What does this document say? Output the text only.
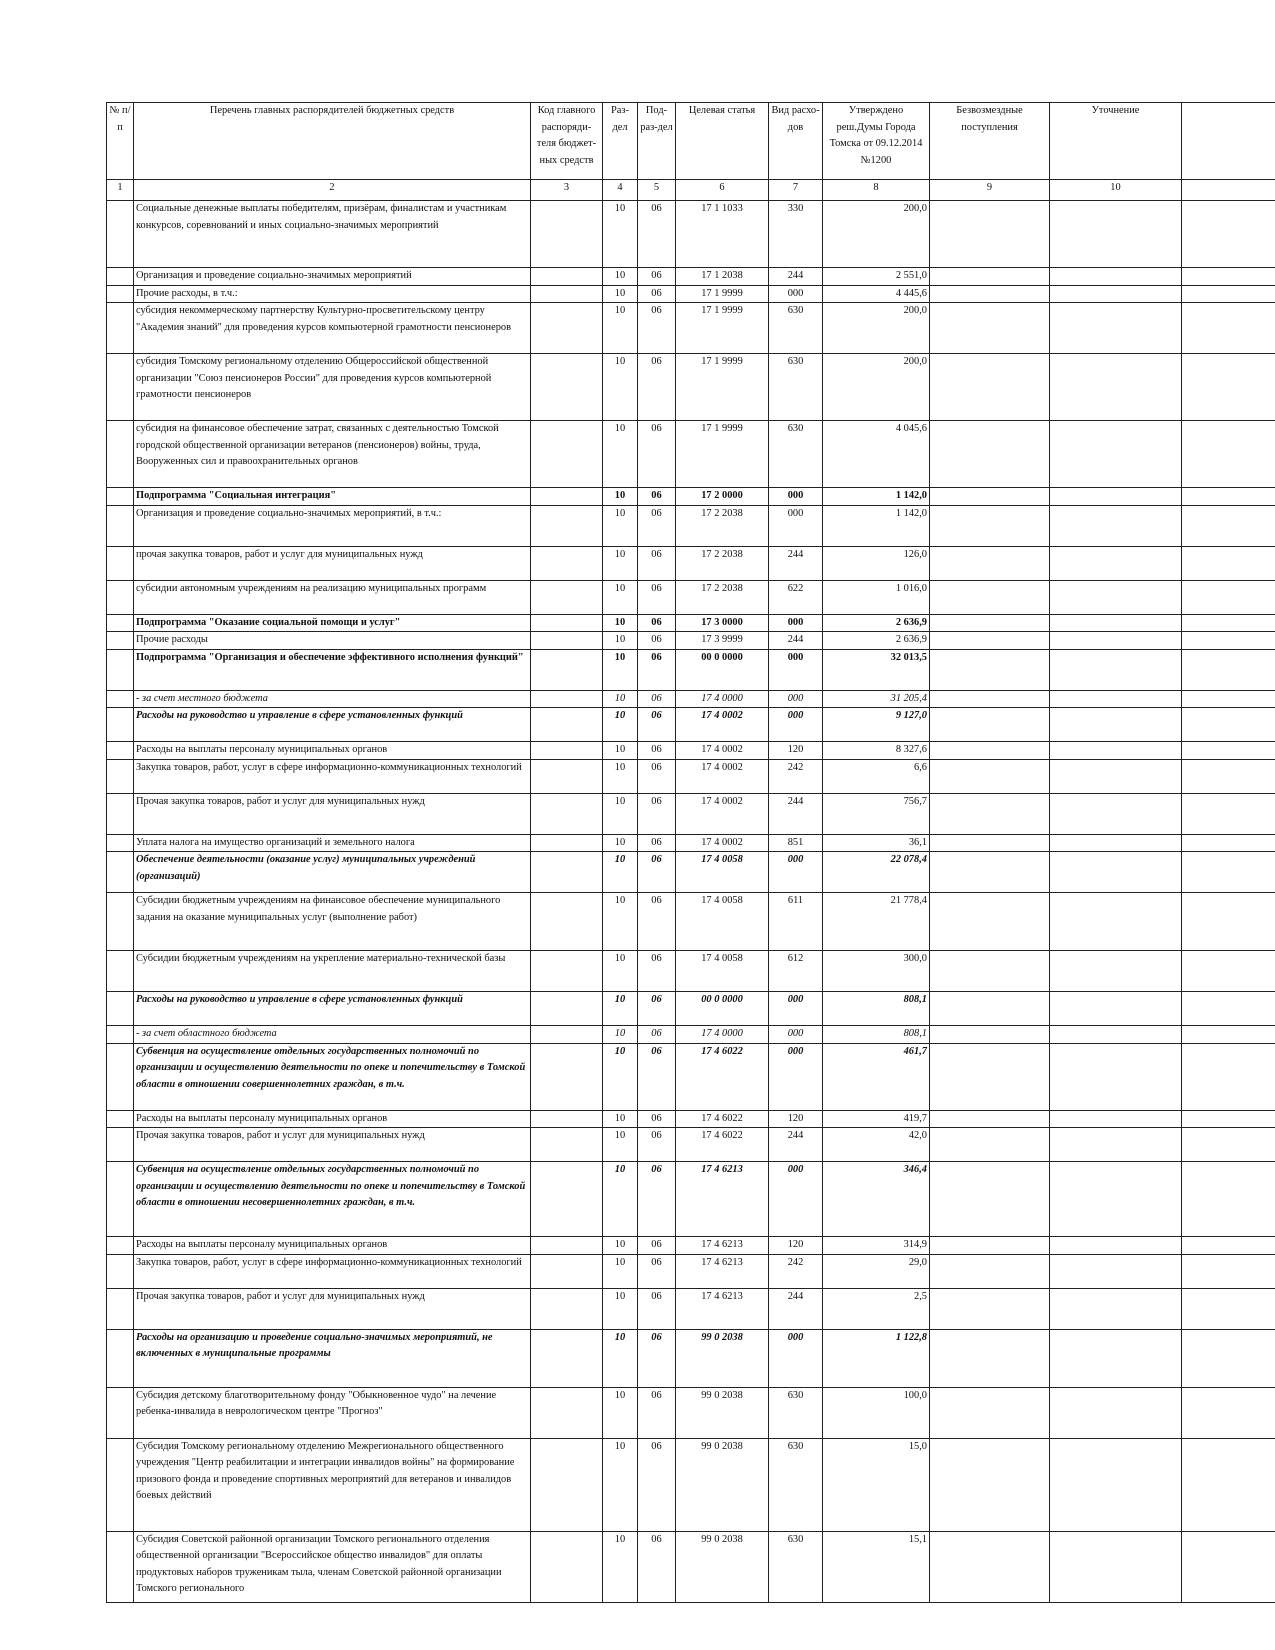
№ п/п	Перечень главных распорядителей бюджетных средств	Код главного распоряди-теля бюджет-ных средств	Раз-дел	Под-раз-дел	Целевая статья	Вид расхо-дов	Утверждено реш.Думы Города Томска от 09.12.2014 №1200	Безвозмездные поступления	Уточнение	
1	2	3	4	5	6	7	8	9	10	
	Социальные денежные выплаты победителям, призёрам, финалистам и участникам конкурсов, соревнований и иных социально-значимых мероприятий		10	06	17 1 1033	330	200,0			
	Организация и проведение социально-значимых мероприятий		10	06	17 1 2038	244	2 551,0			
	Прочие расходы, в т.ч.:		10	06	17 1 9999	000	4 445,6			
	субсидия некоммерческому партнерству Культурно-просветительскому центру "Академия знаний" для проведения курсов компьютерной грамотности пенсионеров		10	06	17 1 9999	630	200,0			
	субсидия Томскому региональному отделению Общероссийской общественной организации "Союз пенсионеров России" для проведения курсов компьютерной грамотности пенсионеров		10	06	17 1 9999	630	200,0			
	субсидия на финансовое обеспечение затрат, связанных с деятельностью Томской городской общественной организации ветеранов (пенсионеров) войны, труда, Вооруженных сил и правоохранительных органов		10	06	17 1 9999	630	4 045,6			
	Подпрограмма "Социальная интеграция"		10	06	17 2 0000	000	1 142,0			
	Организация и проведение социально-значимых мероприятий, в т.ч.:		10	06	17 2 2038	000	1 142,0			
	прочая закупка товаров, работ и услуг для муниципальных нужд		10	06	17 2 2038	244	126,0			
	субсидии автономным учреждениям на реализацию муниципальных программ		10	06	17 2 2038	622	1 016,0			
	Подпрограмма "Оказание социальной помощи и услуг"		10	06	17 3 0000	000	2 636,9			
	Прочие расходы		10	06	17 3 9999	244	2 636,9			
	Подпрограмма "Организация и обеспечение эффективного исполнения функций"		10	06	00 0 0000	000	32 013,5			
	- за счет местного бюджета		10	06	17 4 0000	000	31 205,4			
	Расходы на руководство и управление в сфере установленных функций		10	06	17 4 0002	000	9 127,0			
	Расходы на выплаты персоналу муниципальных органов		10	06	17 4 0002	120	8 327,6			
	Закупка товаров, работ, услуг в сфере информационно-коммуникационных технологий		10	06	17 4 0002	242	6,6			
	Прочая закупка товаров, работ и услуг для муниципальных нужд		10	06	17 4 0002	244	756,7			
	Уплата налога на имущество организаций и земельного налога		10	06	17 4 0002	851	36,1			
	Обеспечение деятельности (оказание услуг) муниципальных учреждений (организаций)		10	06	17 4 0058	000	22 078,4			
	Субсидии бюджетным учреждениям на финансовое обеспечение муниципального задания на оказание муниципальных услуг (выполнение работ)		10	06	17 4 0058	611	21 778,4			
	Субсидии бюджетным учреждениям на укрепление материально-технической базы		10	06	17 4 0058	612	300,0			
	Расходы на руководство и управление в сфере установленных функций		10	06	00 0 0000	000	808,1			
	- за счет областного бюджета		10	06	17 4 0000	000	808,1			
	Субвенция на осуществление отдельных государственных полномочий по организации и осуществлению деятельности по опеке и попечительству в Томской области в отношении совершеннолетних граждан, в т.ч.		10	06	17 4 6022	000	461,7			
	Расходы на выплаты персоналу муниципальных органов		10	06	17 4 6022	120	419,7			
	Прочая закупка товаров, работ и услуг для муниципальных нужд		10	06	17 4 6022	244	42,0			
	Субвенция на осуществление отдельных государственных полномочий по организации и осуществлению деятельности по опеке и попечительству в Томской области в отношении несовершеннолетних граждан, в т.ч.		10	06	17 4 6213	000	346,4			
	Расходы на выплаты персоналу муниципальных органов		10	06	17 4 6213	120	314,9			
	Закупка товаров, работ, услуг в сфере информационно-коммуникационных технологий		10	06	17 4 6213	242	29,0			
	Прочая закупка товаров, работ и услуг для муниципальных нужд		10	06	17 4 6213	244	2,5			
	Расходы на организацию и проведение социально-значимых мероприятий, не включенных в муниципальные программы		10	06	99 0 2038	000	1 122,8			
	Субсидия детскому благотворительному фонду "Обыкновенное чудо" на лечение ребенка-инвалида в неврологическом центре "Прогноз"		10	06	99 0 2038	630	100,0			
	Субсидия Томскому региональному отделению Межрегионального общественного учреждения "Центр реабилитации и интеграции инвалидов войны" на формирование призового фонда и проведение спортивных мероприятий для ветеранов и инвалидов боевых действий		10	06	99 0 2038	630	15,0			
	Субсидия Советской районной организации Томского регионального отделения общественной организации "Всероссийское общество инвалидов" для оплаты продуктовых наборов труженикам тыла, членам Советской районной организации Томского регионального		10	06	99 0 2038	630	15,1			
